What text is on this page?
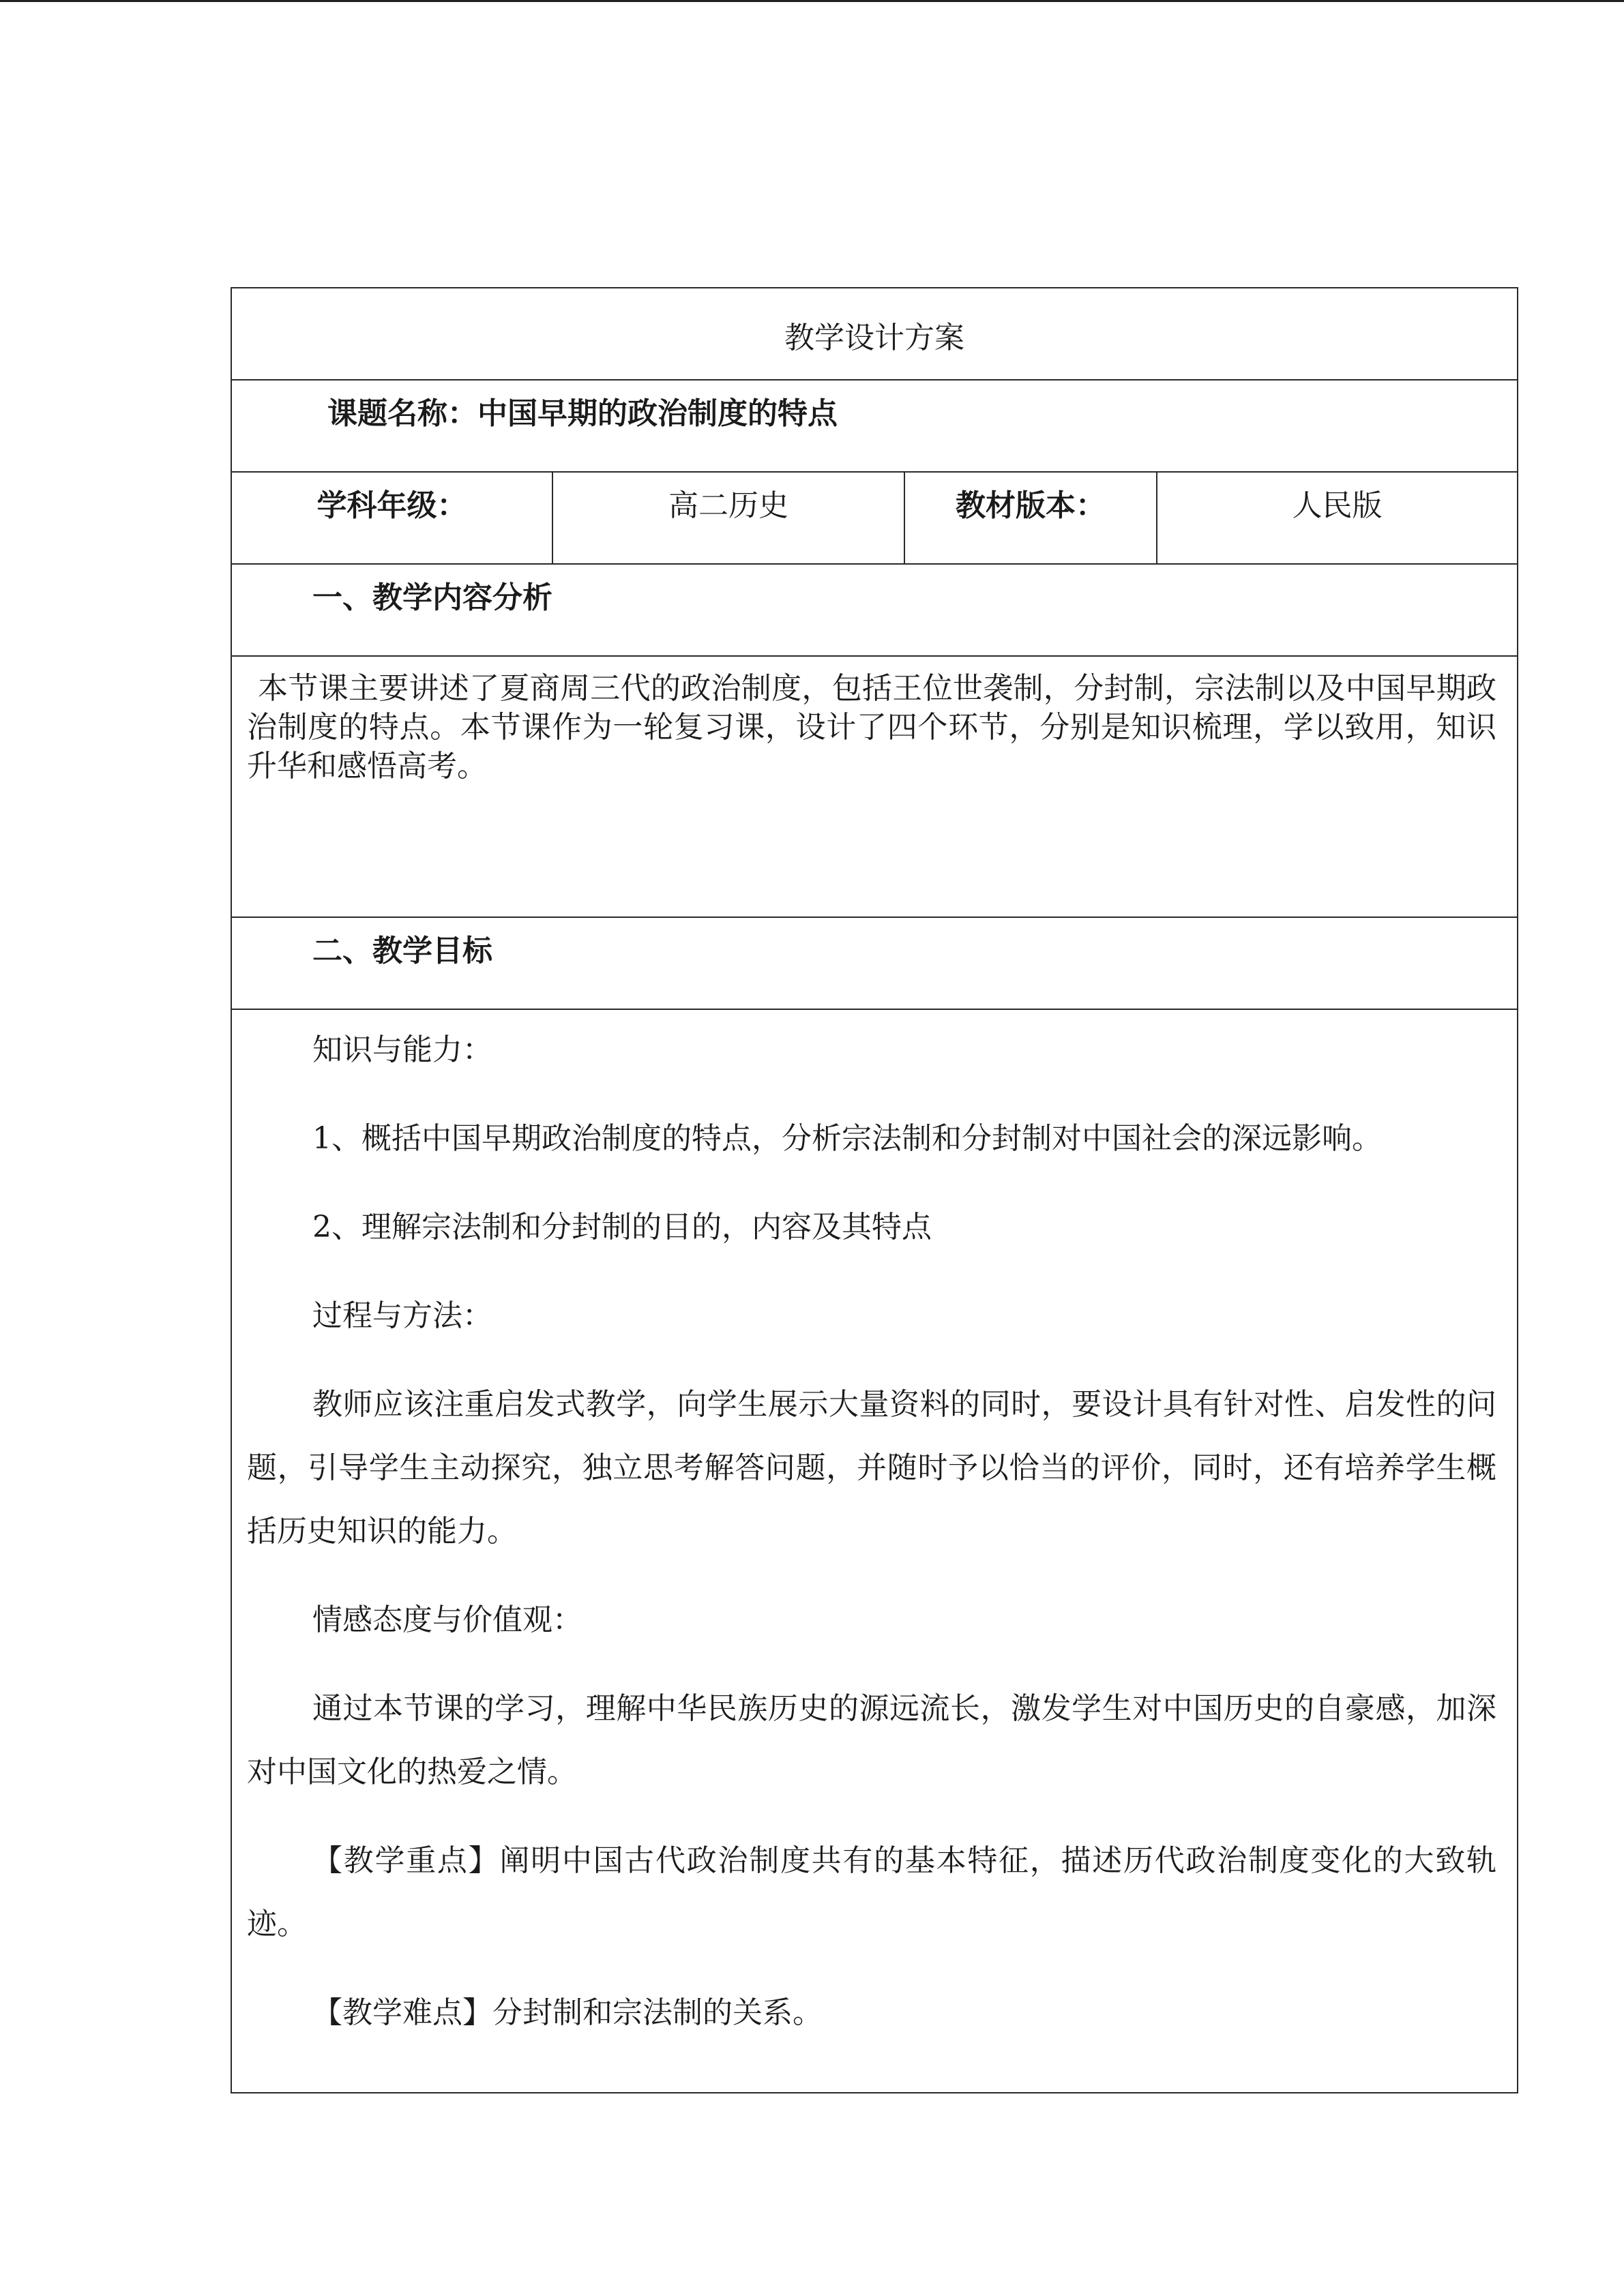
教学设计方案
课题名称：中国早期的政治制度的特点
学科年级：	高二历史	教材版本：	人民版
一、教学内容分析
本节课主要讲述了夏商周三代的政治制度，包括王位世袭制，分封制，宗法制以及中国早期政治制度的特点。本节课作为一轮复习课，设计了四个环节，分别是知识梳理，学以致用，知识升华和感悟高考。
二、教学目标

知识与能力：

1、概括中国早期政治制度的特点，分析宗法制和分封制对中国社会的深远影响。

2、理解宗法制和分封制的目的，内容及其特点

过程与方法：

教师应该注重启发式教学，向学生展示大量资料的同时，要设计具有针对性、启发性的问题，引导学生主动探究，独立思考解答问题，并随时予以恰当的评价，同时，还有培养学生概括历史知识的能力。

情感态度与价值观：

通过本节课的学习，理解中华民族历史的源远流长，激发学生对中国历史的自豪感，加深对中国文化的热爱之情。

【教学重点】阐明中国古代政治制度共有的基本特征，描述历代政治制度变化的大致轨迹。

【教学难点】分封制和宗法制的关系。
